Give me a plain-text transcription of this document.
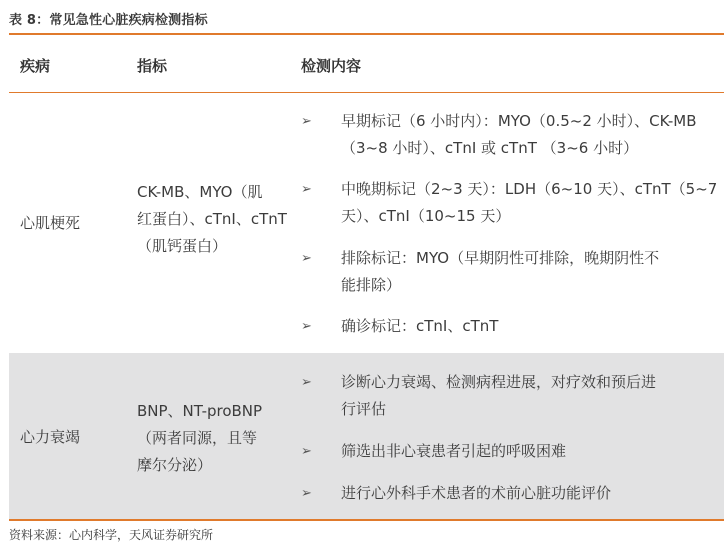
表 8：常见急性心脏疾病检测指标
疾病	指标	检测内容
心肌梗死
CK-MB、MYO（肌
红蛋白）、cTnI、cTnT
（肌钙蛋白）
➢ 早期标记（6 小时内）：MYO（0.5~2 小时）、CK-MB
（3~8 小时）、cTnI 或 cTnT （3~6 小时）
➢ 中晚期标记（2~3 天）：LDH（6~10 天）、cTnT（5~7
天）、cTnI（10~15 天）
➢ 排除标记：MYO（早期阴性可排除，晚期阴性不
能排除）
➢ 确诊标记：cTnI、cTnT
心力衰竭
BNP、NT-proBNP
（两者同源，且等
摩尔分泌）
➢ 诊断心力衰竭、检测病程进展，对疗效和预后进
行评估
➢ 筛选出非心衰患者引起的呼吸困难
➢ 进行心外科手术患者的术前心脏功能评价
资料来源：心内科学，天风证券研究所
